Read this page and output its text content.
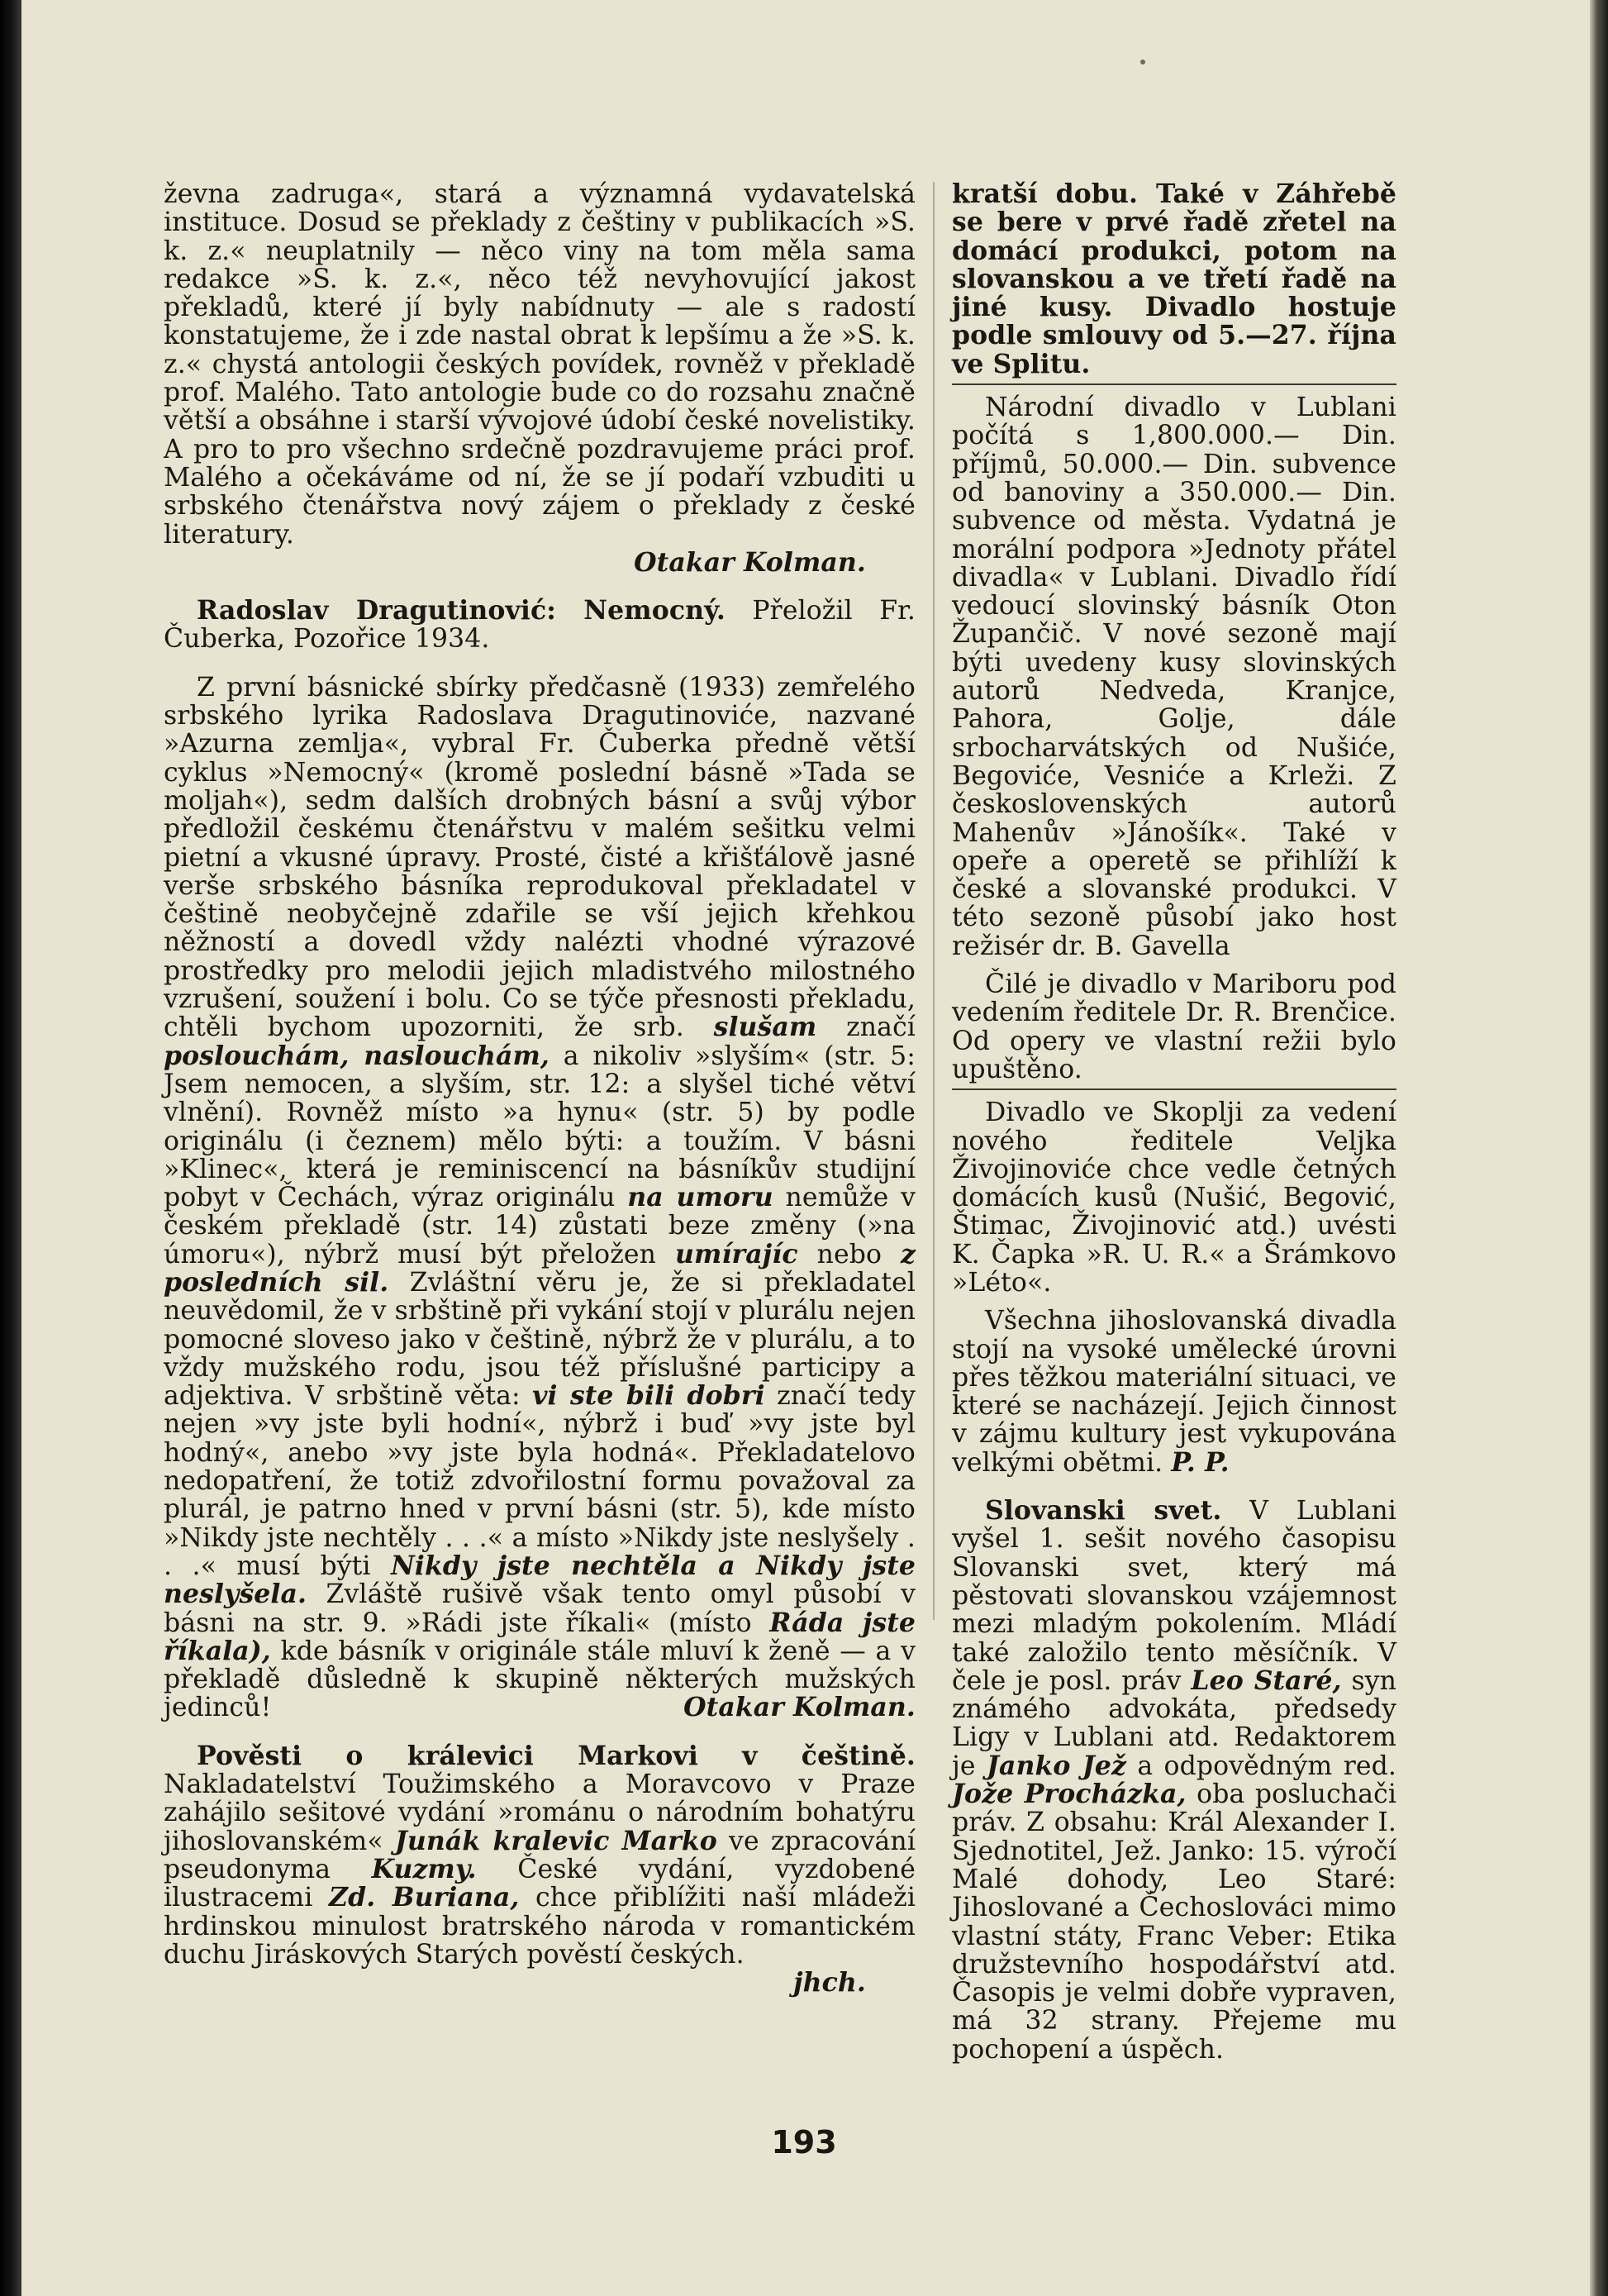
ževna zadruga«, stará a významná vydavatelská instituce. Dosud se překlady z češtiny v publikacích »S. k. z.« neuplatnily — něco viny na tom měla sama redakce »S. k. z.«, něco též nevyhovující jakost překladů, které jí byly nabídnuty — ale s radostí konstatujeme, že i zde nastal obrat k lepšímu a že »S. k. z.« chystá antologii českých povídek, rovněž v překladě prof. Malého. Tato antologie bude co do rozsahu značně větší a obsáhne i starší vývojové údobí české novelistiky. A pro to pro všechno srdečně pozdravujeme práci prof. Malého a očekáváme od ní, že se jí podaří vzbuditi u srbského čtenářstva nový zájem o překlady z české literatury.

Otakar Kolman.

Radoslav Dragutinović: Nemocný. Přeložil Fr. Čuberka, Pozořice 1934.

Z první básnické sbírky předčasně (1933) zemřelého srbského lyrika Radoslava Dragutinoviće, nazvané »Azurna zemlja«, vybral Fr. Čuberka předně větší cyklus »Nemocný« (kromě poslední básně »Tada se moljah«), sedm dalších drobných básní a svůj výbor předložil českému čtenářstvu v malém sešitku velmi pietní a vkusné úpravy. Prosté, čisté a křišťálově jasné verše srbského básníka reprodukoval překladatel v češtině neobyčejně zdařile se vší jejich křehkou něžností a dovedl vždy nalézti vhodné výrazové prostředky pro melodii jejich mladistvého milostného vzrušení, soužení i bolu. Co se týče přesnosti překladu, chtěli bychom upozorniti, že srb. slušam značí poslouchám, naslouchám, a nikoliv »slyším« (str. 5: Jsem nemocen, a slyším, str. 12: a slyšel tiché větví vlnění). Rovněž místo »a hynu« (str. 5) by podle originálu (i čeznem) mělo býti: a toužím. V básni »Klinec«, která je reminiscencí na básníkův studijní pobyt v Čechách, výraz originálu na umoru nemůže v českém překladě (str. 14) zůstati beze změny (»na úmoru«), nýbrž musí být přeložen umírajíc nebo z posledních sil. Zvláštní věru je, že si překladatel neuvědomil, že v srbštině při vykání stojí v plurálu nejen pomocné sloveso jako v češtině, nýbrž že v plurálu, a to vždy mužského rodu, jsou též příslušné participy a adjektiva. V srbštině věta: vi ste bili dobri značí tedy nejen »vy jste byli hodní«, nýbrž i buď »vy jste byl hodný«, anebo »vy jste byla hodná«. Překladatelovo nedopatření, že totiž zdvořilostní formu považoval za plurál, je patrno hned v první básni (str. 5), kde místo »Nikdy jste nechtěly . . .« a místo »Nikdy jste neslyšely . . .« musí býti Nikdy jste nechtěla a Nikdy jste neslyšela. Zvláště rušivě však tento omyl působí v básni na str. 9. »Rádi jste říkali« (místo Ráda jste říkala), kde básník v originále stále mluví k ženě — a v překladě důsledně k skupině některých mužských jedinců!	Otakar Kolman.

Pověsti o králevici Markovi v češtině. Nakladatelství Toužimského a Moravcovo v Praze zahájilo sešitové vydání »románu o národním bohatýru jihoslovanském« Junák kralevic Marko ve zpracování pseudonyma Kuzmy. České vydání, vyzdobené ilustracemi Zd. Buriana, chce přiblížiti naší mládeži hrdinskou minulost bratrského národa v romantickém duchu Jiráskových Starých pověstí českých.

jhch.

kratší dobu. Také v Záhřebě se bere v prvé řadě zřetel na domácí produkci, potom na slovanskou a ve třetí řadě na jiné kusy. Divadlo hostuje podle smlouvy od 5.—27. října ve Splitu.

Národní divadlo v Lublani počítá s 1,800.000.— Din. příjmů, 50.000.— Din. subvence od banoviny a 350.000.— Din. subvence od města. Vydatná je morální podpora »Jednoty přátel divadla« v Lublani. Divadlo řídí vedoucí slovinský básník Oton Župančič. V nové sezoně mají býti uvedeny kusy slovinských autorů Nedveda, Kranjce, Pahora, Golje, dále srbocharvátských od Nušiće, Begoviće, Vesniće a Krleži. Z československých autorů Mahenův »Jánošík«. Také v opeře a operetě se přihlíží k české a slovanské produkci. V této sezoně působí jako host režisér dr. B. Gavella

Čilé je divadlo v Mariboru pod vedením ředitele Dr. R. Brenčice. Od opery ve vlastní režii bylo upuštěno.

Divadlo ve Skoplji za vedení nového ředitele Veljka Živojinoviće chce vedle četných domácích kusů (Nušić, Begović, Štimac, Živojinović atd.) uvésti K. Čapka »R. U. R.« a Šrámkovo »Léto«.

Všechna jihoslovanská divadla stojí na vysoké umělecké úrovni přes těžkou materiální situaci, ve které se nacházejí. Jejich činnost v zájmu kultury jest vykupována velkými obětmi. P. P.

Slovanski svet. V Lublani vyšel 1. sešit nového časopisu Slovanski svet, který má pěstovati slovanskou vzájemnost mezi mladým pokolením. Mládí také založilo tento měsíčník. V čele je posl. práv Leo Staré, syn známého advokáta, předsedy Ligy v Lublani atd. Redaktorem je Janko Jež a odpovědným red. Jože Procházka, oba posluchači práv. Z obsahu: Král Alexander I. Sjednotitel, Jež. Janko: 15. výročí Malé dohody, Leo Staré: Jihoslované a Čechoslováci mimo vlastní státy, Franc Veber: Etika družstevního hospodářství atd. Časopis je velmi dobře vypraven, má 32 strany. Přejeme mu pochopení a úspěch.

193
